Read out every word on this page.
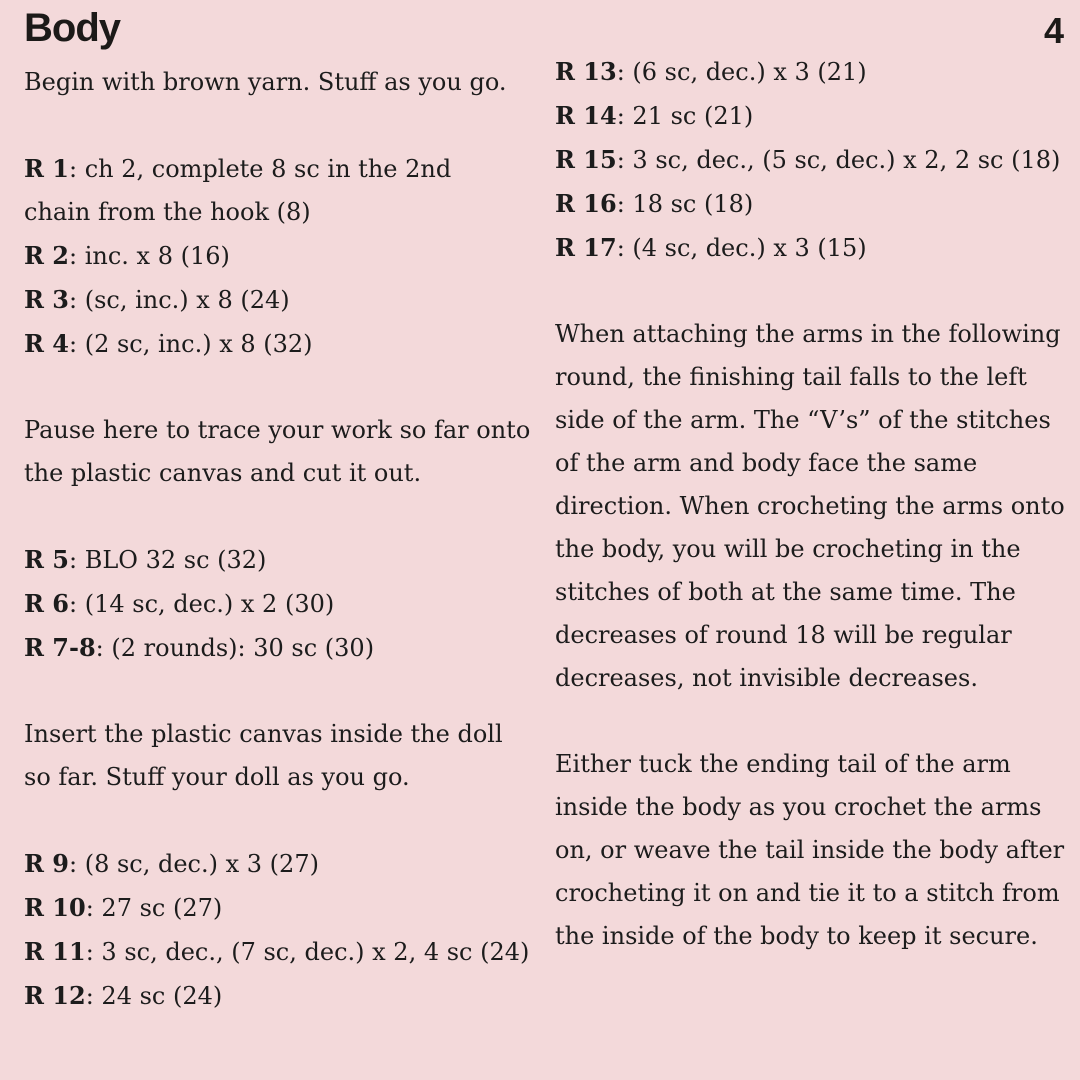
Body	4

Begin with brown yarn. Stuff as you go.

R 1: ch 2, complete 8 sc in the 2nd
chain from the hook (8)
R 2: inc. x 8 (16)
R 3: (sc, inc.) x 8 (24)
R 4: (2 sc, inc.) x 8 (32)

Pause here to trace your work so far onto the plastic canvas and cut it out.

R 5: BLO 32 sc (32)
R 6: (14 sc, dec.) x 2 (30)
R 7-8: (2 rounds): 30 sc (30)

Insert the plastic canvas inside the doll so far. Stuff your doll as you go.

R 9: (8 sc, dec.) x 3 (27)
R 10: 27 sc (27)
R 11: 3 sc, dec., (7 sc, dec.) x 2, 4 sc (24)
R 12: 24 sc (24)
R 13: (6 sc, dec.) x 3 (21)
R 14: 21 sc (21)
R 15: 3 sc, dec., (5 sc, dec.) x 2, 2 sc (18)
R 16: 18 sc (18)
R 17: (4 sc, dec.) x 3 (15)

When attaching the arms in the following round, the finishing tail falls to the left side of the arm. The “V’s” of the stitches of the arm and body face the same direction. When crocheting the arms onto the body, you will be crocheting in the stitches of both at the same time. The decreases of round 18 will be regular decreases, not invisible decreases.

Either tuck the ending tail of the arm inside the body as you crochet the arms on, or weave the tail inside the body after crocheting it on and tie it to a stitch from the inside of the body to keep it secure.
